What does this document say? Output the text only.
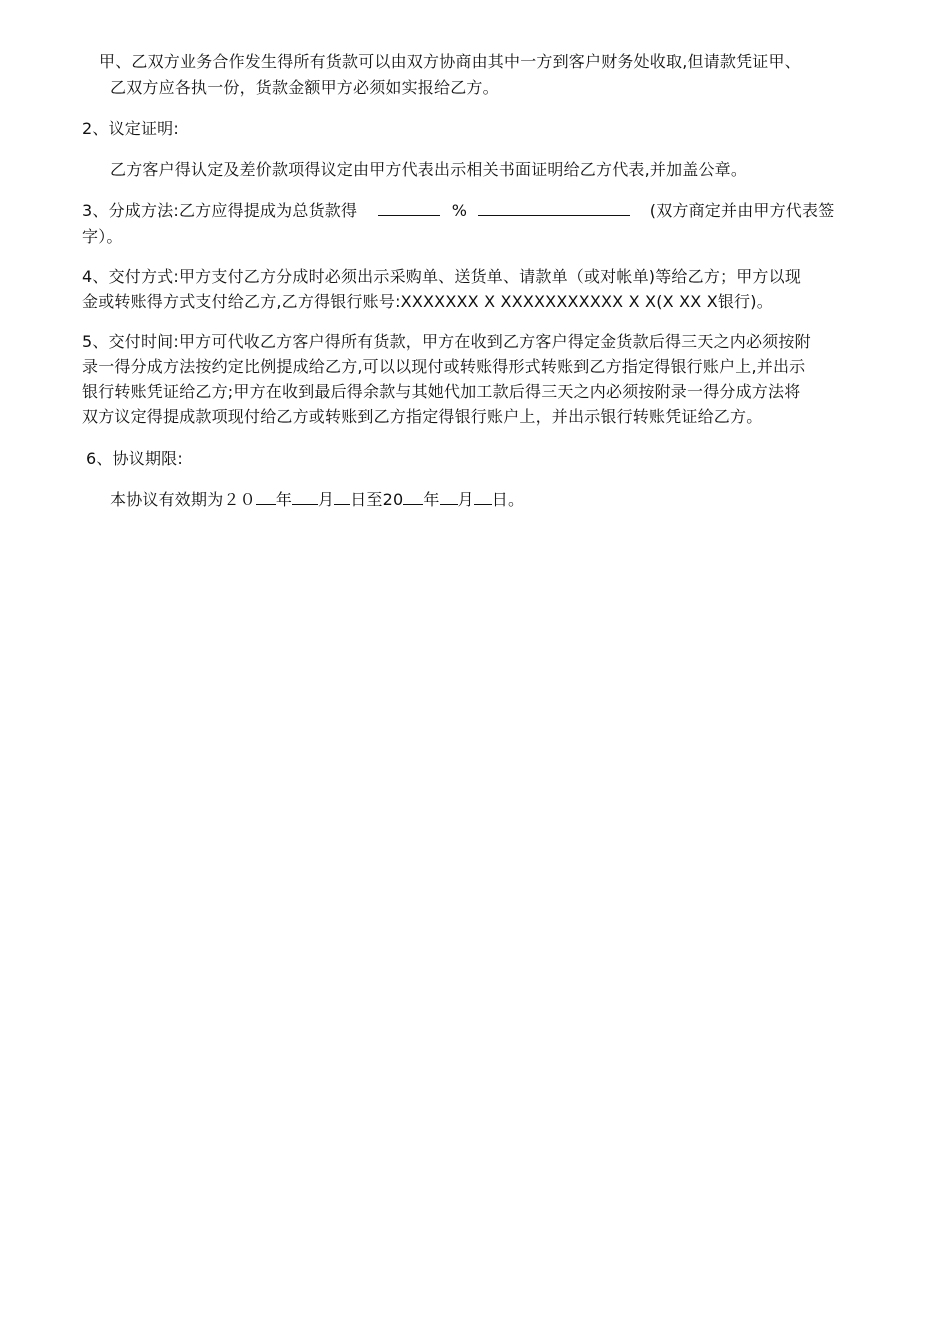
甲、乙双方业务合作发生得所有货款可以由双方协商由其中一方到客户财务处收取,但请款凭证甲、
乙双方应各执一份，货款金额甲方必须如实报给乙方。
2、议定证明:
乙方客户得认定及差价款项得议定由甲方代表出示相关书面证明给乙方代表,并加盖公章。
3、分成方法:乙方应得提成为总货款得	%	(双方商定并由甲方代表签
字）。
4、交付方式:甲方支付乙方分成时必须出示采购单、送货单、请款单（或对帐单)等给乙方；甲方以现
金或转账得方式支付给乙方,乙方得银行账号:XXXXXXX X XXXXXXXXXXX X X(X XX X银行)。
5、交付时间:甲方可代收乙方客户得所有货款，甲方在收到乙方客户得定金货款后得三天之内必须按附
录一得分成方法按约定比例提成给乙方,可以以现付或转账得形式转账到乙方指定得银行账户上,并出示
银行转账凭证给乙方;甲方在收到最后得余款与其她代加工款后得三天之内必须按附录一得分成方法将
双方议定得提成款项现付给乙方或转账到乙方指定得银行账户上，并出示银行转账凭证给乙方。
6、协议期限:
本协议有效期为２０ 年 月 日至20 年 月 日。
